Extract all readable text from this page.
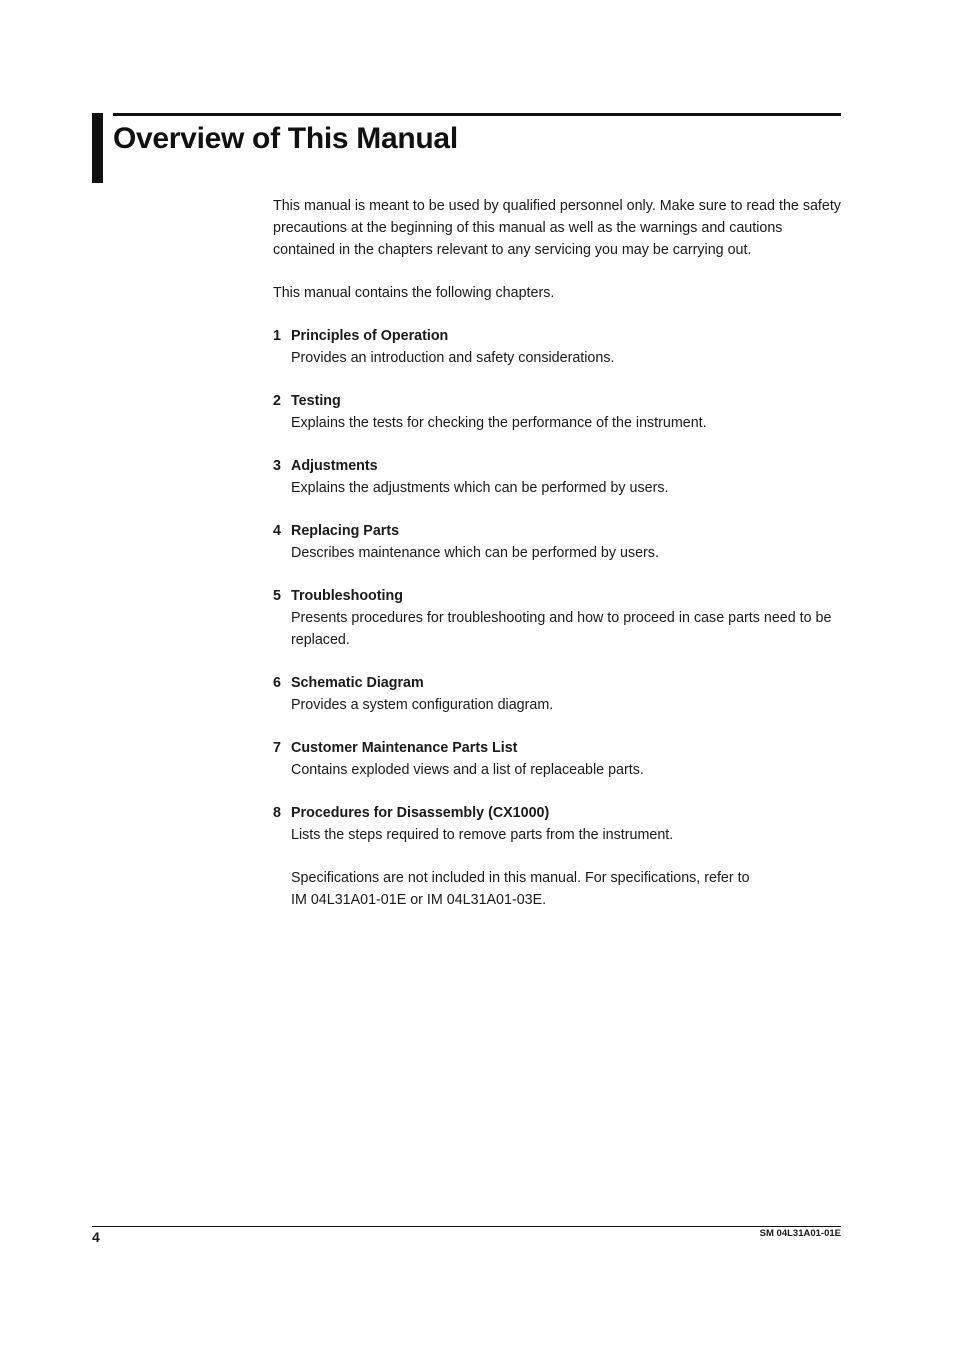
Overview of This Manual

This manual is meant to be used by qualified personnel only. Make sure to read the safety precautions at the beginning of this manual as well as the warnings and cautions contained in the chapters relevant to any servicing you may be carrying out.

This manual contains the following chapters.

1 Principles of Operation
Provides an introduction and safety considerations.
2 Testing
Explains the tests for checking the performance of the instrument.
3 Adjustments
Explains the adjustments which can be performed by users.
4 Replacing Parts
Describes maintenance which can be performed by users.
5 Troubleshooting
Presents procedures for troubleshooting and how to proceed in case parts need to be replaced.
6 Schematic Diagram
Provides a system configuration diagram.
7 Customer Maintenance Parts List
Contains exploded views and a list of replaceable parts.
8 Procedures for Disassembly (CX1000)
Lists the steps required to remove parts from the instrument.
Specifications are not included in this manual. For specifications, refer to
IM 04L31A01-01E or IM 04L31A01-03E.
4	SM 04L31A01-01E
